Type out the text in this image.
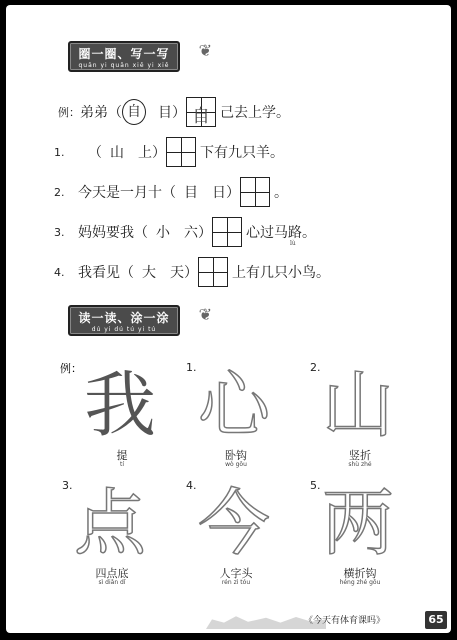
圈一圈、写一写
quān yi quān xiě yi xiě
❦
例： 弟弟（ 自	目 ） 自 己去上学。
1.	（ 山 上 ） 下有九只羊。
2. 今天是一月十（ 目 日 ） 。
3. 妈妈要我（ 小 六 ） 心过马路。
lù
4. 我看见（ 大 天 ） 上有几只小鸟。
读一读、涂一涂
dú yi dú tú yi tú
❦
例： 我
提
tí
1. 心
卧钩
wò gōu
2. 山
竖折
shù zhé
3. 点
四点底
sì diǎn dǐ
4. 今
人字头
rén zì tóu
5. 两
横折钩
héng zhé gōu
《今天有体育课吗》	65
